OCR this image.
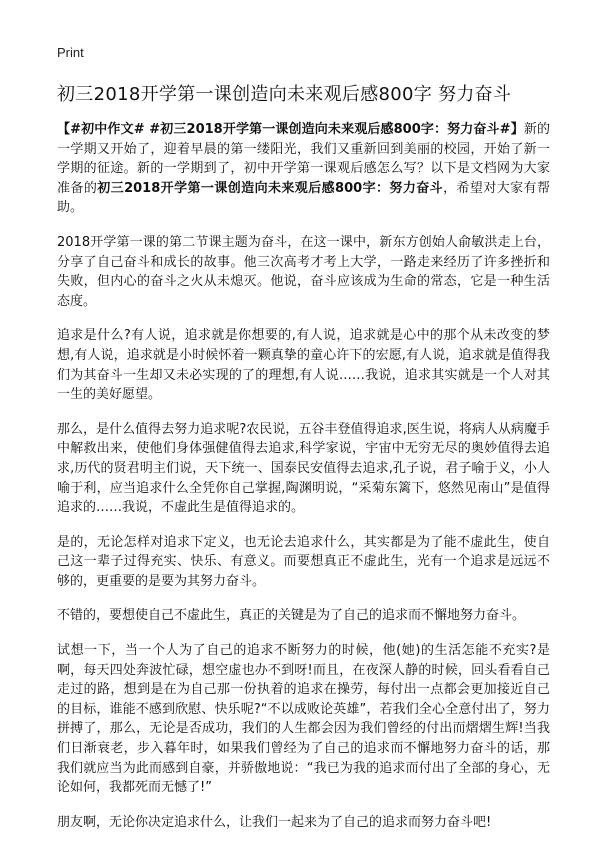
Print
初三2018开学第一课创造向未来观后感800字 努力奋斗

【#初中作文# #初三2018开学第一课创造向未来观后感800字：努力奋斗#】新的一学期又开始了，迎着早晨的第一缕阳光，我们又重新回到美丽的校园，开始了新一学期的征途。新的一学期到了，初中开学第一课观后感怎么写？以下是文档网为大家准备的初三2018开学第一课创造向未来观后感800字：努力奋斗，希望对大家有帮助。

2018开学第一课的第二节课主题为奋斗，在这一课中，新东方创始人俞敏洪走上台，分享了自己奋斗和成长的故事。他三次高考才考上大学，一路走来经历了许多挫折和失败，但内心的奋斗之火从未熄灭。他说，奋斗应该成为生命的常态，它是一种生活态度。

追求是什么?有人说，追求就是你想要的,有人说，追求就是心中的那个从未改变的梦想,有人说，追求就是小时候怀着一颗真挚的童心许下的宏愿,有人说，追求就是值得我们为其奋斗一生却又未必实现的了的理想,有人说……我说，追求其实就是一个人对其一生的美好愿望。

那么，是什么值得去努力追求呢?农民说，五谷丰登值得追求,医生说，将病人从病魔手中解救出来，使他们身体强健值得去追求,科学家说，宇宙中无穷无尽的奥妙值得去追求,历代的贤君明主们说，天下统一、国泰民安值得去追求,孔子说，君子喻于义，小人喻于利，应当追求什么全凭你自己掌握,陶渊明说，“采菊东篱下，悠然见南山”是值得追求的……我说，不虚此生是值得追求的。

是的，无论怎样对追求下定义，也无论去追求什么，其实都是为了能不虚此生，使自己这一辈子过得充实、快乐、有意义。而要想真正不虚此生，光有一个追求是远远不够的，更重要的是要为其努力奋斗。

不错的，要想使自己不虚此生，真正的关键是为了自己的追求而不懈地努力奋斗。

试想一下，当一个人为了自己的追求不断努力的时候，他(她)的生活怎能不充实?是啊，每天四处奔波忙碌，想空虚也办不到呀!而且，在夜深人静的时候，回头看看自己走过的路，想到是在为自己那一份执着的追求在操劳，每付出一点都会更加接近自己的目标，谁能不感到欣慰、快乐呢?“不以成败论英雄”，若我们全心全意付出了，努力拼搏了，那么，无论是否成功，我们的人生都会因为我们曾经的付出而熠熠生辉!当我们日渐衰老，步入暮年时，如果我们曾经为了自己的追求而不懈地努力奋斗的话，那我们就应当为此而感到自豪，并骄傲地说：“我已为我的追求而付出了全部的身心，无论如何，我都死而无憾了!”

朋友啊，无论你决定追求什么，让我们一起来为了自己的追求而努力奋斗吧!
